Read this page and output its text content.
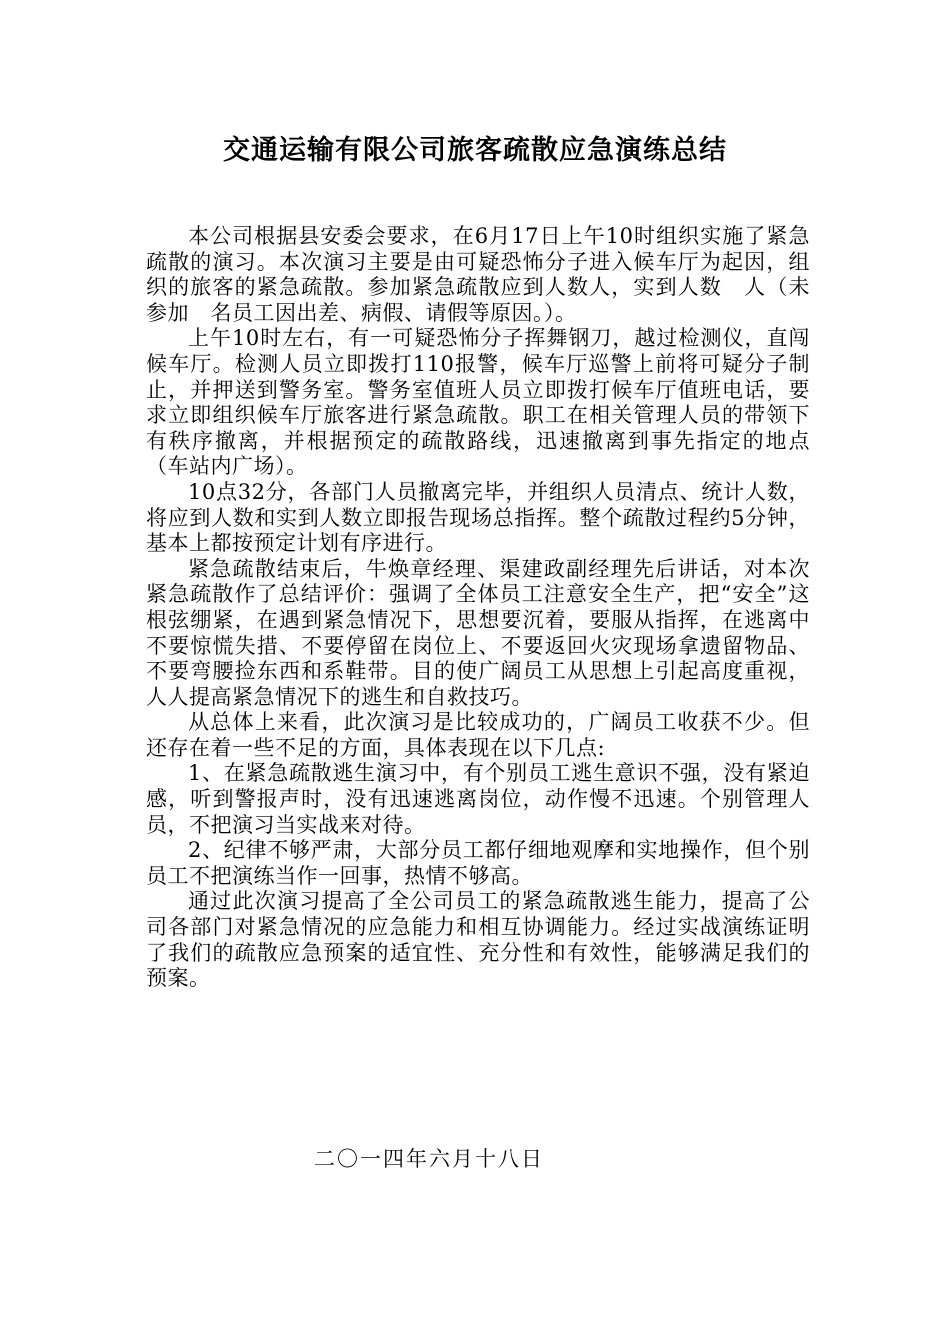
交通运输有限公司旅客疏散应急演练总结

本公司根据县安委会要求，在6月17日上午10时组织实施了紧急疏散的演习。本次演习主要是由可疑恐怖分子进入候车厅为起因，组织的旅客的紧急疏散。参加紧急疏散应到人数人，实到人数　人（未参加　名员工因出差、病假、请假等原因。）。

上午10时左右，有一可疑恐怖分子挥舞钢刀，越过检测仪，直闯候车厅。检测人员立即拨打110报警，候车厅巡警上前将可疑分子制止，并押送到警务室。警务室值班人员立即拨打候车厅值班电话，要求立即组织候车厅旅客进行紧急疏散。职工在相关管理人员的带领下有秩序撤离，并根据预定的疏散路线，迅速撤离到事先指定的地点（车站内广场）。

10点32分，各部门人员撤离完毕，并组织人员清点、统计人数，将应到人数和实到人数立即报告现场总指挥。整个疏散过程约5分钟，基本上都按预定计划有序进行。

紧急疏散结束后，牛焕章经理、渠建政副经理先后讲话，对本次紧急疏散作了总结评价：强调了全体员工注意安全生产，把“安全”这根弦绷紧，在遇到紧急情况下，思想要沉着，要服从指挥，在逃离中不要惊慌失措、不要停留在岗位上、不要返回火灾现场拿遗留物品、不要弯腰捡东西和系鞋带。目的使广阔员工从思想上引起高度重视，人人提高紧急情况下的逃生和自救技巧。

从总体上来看，此次演习是比较成功的，广阔员工收获不少。但还存在着一些不足的方面，具体表现在以下几点:

1、在紧急疏散逃生演习中，有个别员工逃生意识不强，没有紧迫感，听到警报声时，没有迅速逃离岗位，动作慢不迅速。个别管理人员，不把演习当实战来对待。

2、纪律不够严肃，大部分员工都仔细地观摩和实地操作，但个别员工不把演练当作一回事，热情不够高。

通过此次演习提高了全公司员工的紧急疏散逃生能力，提高了公司各部门对紧急情况的应急能力和相互协调能力。经过实战演练证明了我们的疏散应急预案的适宜性、充分性和有效性，能够满足我们的预案。

二〇一四年六月十八日
